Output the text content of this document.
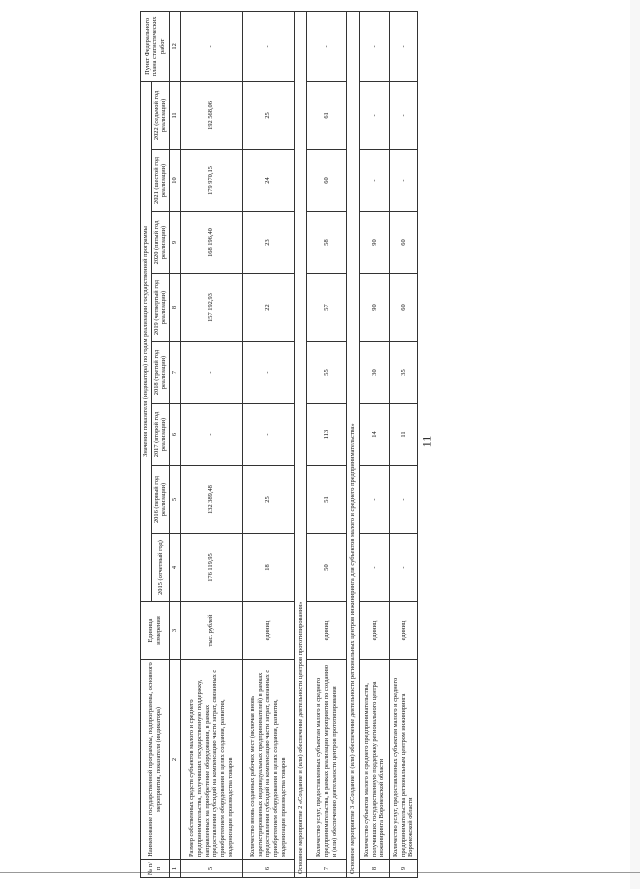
11
№ п/п	Наименование государственной программы, подпрограммы, основного мероприятия, показателя (индикатора)	Единица измерения	Значения показателя (индикатора) по годам реализации государственной программы								Пункт Федерального плана статистических работ
			2015 (отчетный год)	2016 (первый год реализации)	2017 (второй год реализации)	2018 (третий год реализации)	2019 (четвертый год реализации)	2020 (пятый год реализации)	2021 (шестой год реализации)	2022 (седьмой год реализации)	
1	2	3	4	5	6	7	8	9	10	11	12
5	Размер собственных средств субъектов малого и среднего предпринимательства, получивших государственную поддержку, направленных на приобретение оборудования, в рамках предоставления субсидий на компенсацию части затрат, связанных с приобретением оборудования в целях создания, развития, модернизации производства товаров	тыс. рублей	176 119,95	132 389,48	-	-	157 192,93	168 196,40	179 970,15	192 568,06	-
6	Количество вновь созданных рабочих мест (включая вновь зарегистрированных индивидуальных предпринимателей) в рамках предоставления субсидий на компенсацию части затрат, связанных с приобретением оборудования в целях создания, развития, модернизации производства товаров	единиц	18	25	-	-	22	23	24	25	-
Основное мероприятие 2 «Создание и (или) обеспечение деятельности центров прототипирования»											
7	Количество услуг, предоставленных субъектам малого и среднего предпринимательства, в рамках реализации мероприятия по созданию и (или) обеспечению деятельности центров прототипирования	единиц	50	51	113	55	57	58	60	61	-
Основное мероприятие 3 «Создание и (или) обеспечение деятельности региональных центров инжиниринга для субъектов малого и среднего предпринимательства»											
8	Количество субъектов малого и среднего предпринимательства, получивших государственную поддержку регионального центра инжиниринга Воронежской области	единиц	-	-	14	30	90	90	-	-	-
9	Количество услуг, предоставленных субъектам малого и среднего предпринимательства региональным центром инжиниринга Воронежской области	единиц	-	-	11	35	60	60	-	-	-
